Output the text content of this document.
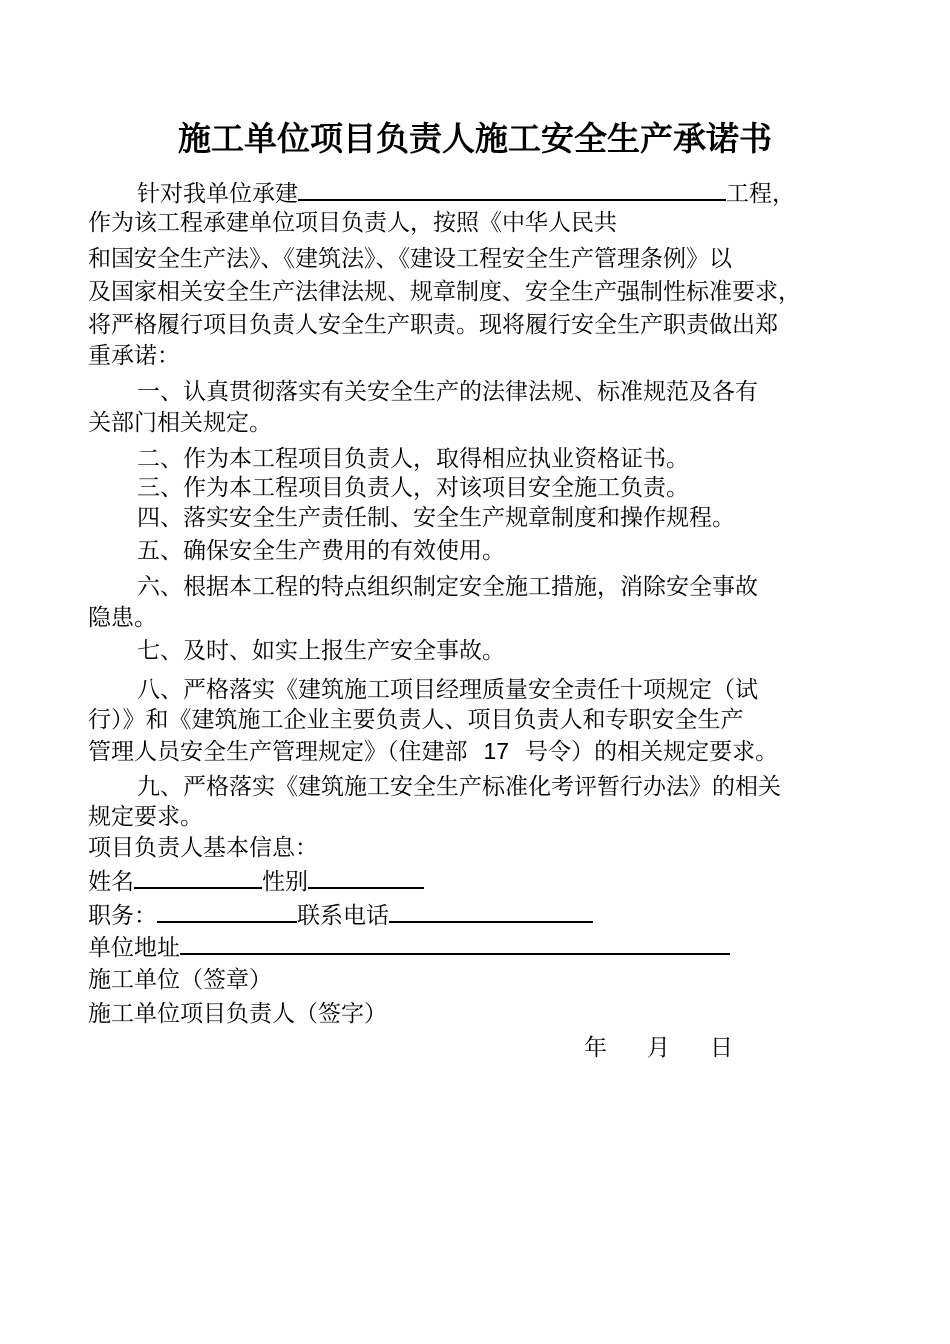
施工单位项目负责人施工安全生产承诺书

针对我单位承建	工程，

作为该工程承建单位项目负责人，按照《中华人民共

和国安全生产法》、《建筑法》、《建设工程安全生产管理条例》以

及国家相关安全生产法律法规、规章制度、安全生产强制性标准要求，

将严格履行项目负责人安全生产职责。现将履行安全生产职责做出郑

重承诺：

一、认真贯彻落实有关安全生产的法律法规、标准规范及各有

关部门相关规定。

二、作为本工程项目负责人，取得相应执业资格证书。

三、作为本工程项目负责人，对该项目安全施工负责。

四、落实安全生产责任制、安全生产规章制度和操作规程。

五、确保安全生产费用的有效使用。

六、根据本工程的特点组织制定安全施工措施，消除安全事故

隐患。

七、及时、如实上报生产安全事故。

八、严格落实《建筑施工项目经理质量安全责任十项规定（试

行）》和《建筑施工企业主要负责人、项目负责人和专职安全生产

管理人员安全生产管理规定》（住建部 17 号令）的相关规定要求。

九、严格落实《建筑施工安全生产标准化考评暂行办法》的相关

规定要求。

项目负责人基本信息：

姓名	性别

职务：	联系电话

单位地址

施工单位（签章）

施工单位项目负责人（签字）

年 月 日
